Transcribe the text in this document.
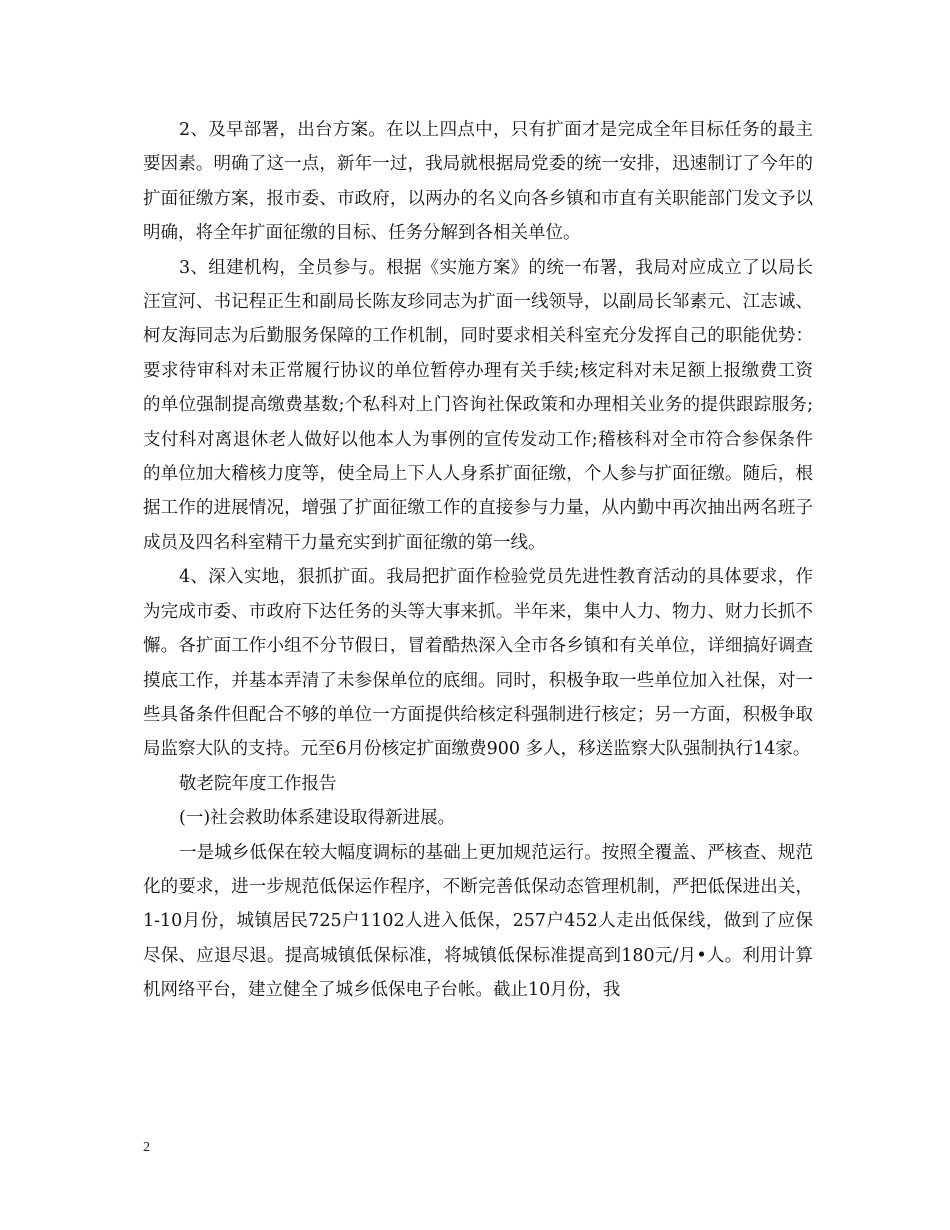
2、及早部署，出台方案。在以上四点中，只有扩面才是完成全年目标任务的最主要因素。明确了这一点，新年一过，我局就根据局党委的统一安排，迅速制订了今年的扩面征缴方案，报市委、市政府，以两办的名义向各乡镇和市直有关职能部门发文予以明确，将全年扩面征缴的目标、任务分解到各相关单位。

3、组建机构，全员参与。根据《实施方案》的统一布署，我局对应成立了以局长汪宣河、书记程正生和副局长陈友珍同志为扩面一线领导，以副局长邹素元、江志诚、柯友海同志为后勤服务保障的工作机制，同时要求相关科室充分发挥自己的职能优势：要求待审科对未正常履行协议的单位暂停办理有关手续;核定科对未足额上报缴费工资的单位强制提高缴费基数;个私科对上门咨询社保政策和办理相关业务的提供跟踪服务;支付科对离退休老人做好以他本人为事例的宣传发动工作;稽核科对全市符合参保条件的单位加大稽核力度等，使全局上下人人身系扩面征缴，个人参与扩面征缴。随后，根据工作的进展情况，增强了扩面征缴工作的直接参与力量，从内勤中再次抽出两名班子成员及四名科室精干力量充实到扩面征缴的第一线。

4、深入实地，狠抓扩面。我局把扩面作检验党员先进性教育活动的具体要求，作为完成市委、市政府下达任务的头等大事来抓。半年来，集中人力、物力、财力长抓不懈。各扩面工作小组不分节假日，冒着酷热深入全市各乡镇和有关单位，详细搞好调查摸底工作，并基本弄清了未参保单位的底细。同时，积极争取一些单位加入社保，对一些具备条件但配合不够的单位一方面提供给核定科强制进行核定；另一方面，积极争取局监察大队的支持。元至6月份核定扩面缴费900 多人，移送监察大队强制执行14家。

敬老院年度工作报告

(一)社会救助体系建设取得新进展。

一是城乡低保在较大幅度调标的基础上更加规范运行。按照全覆盖、严核查、规范化的要求，进一步规范低保运作程序，不断完善低保动态管理机制，严把低保进出关，1-10月份，城镇居民725户1102人进入低保，257户452人走出低保线，做到了应保尽保、应退尽退。提高城镇低保标准，将城镇低保标准提高到180元/月•人。利用计算机网络平台，建立健全了城乡低保电子台帐。截止10月份，我

2
